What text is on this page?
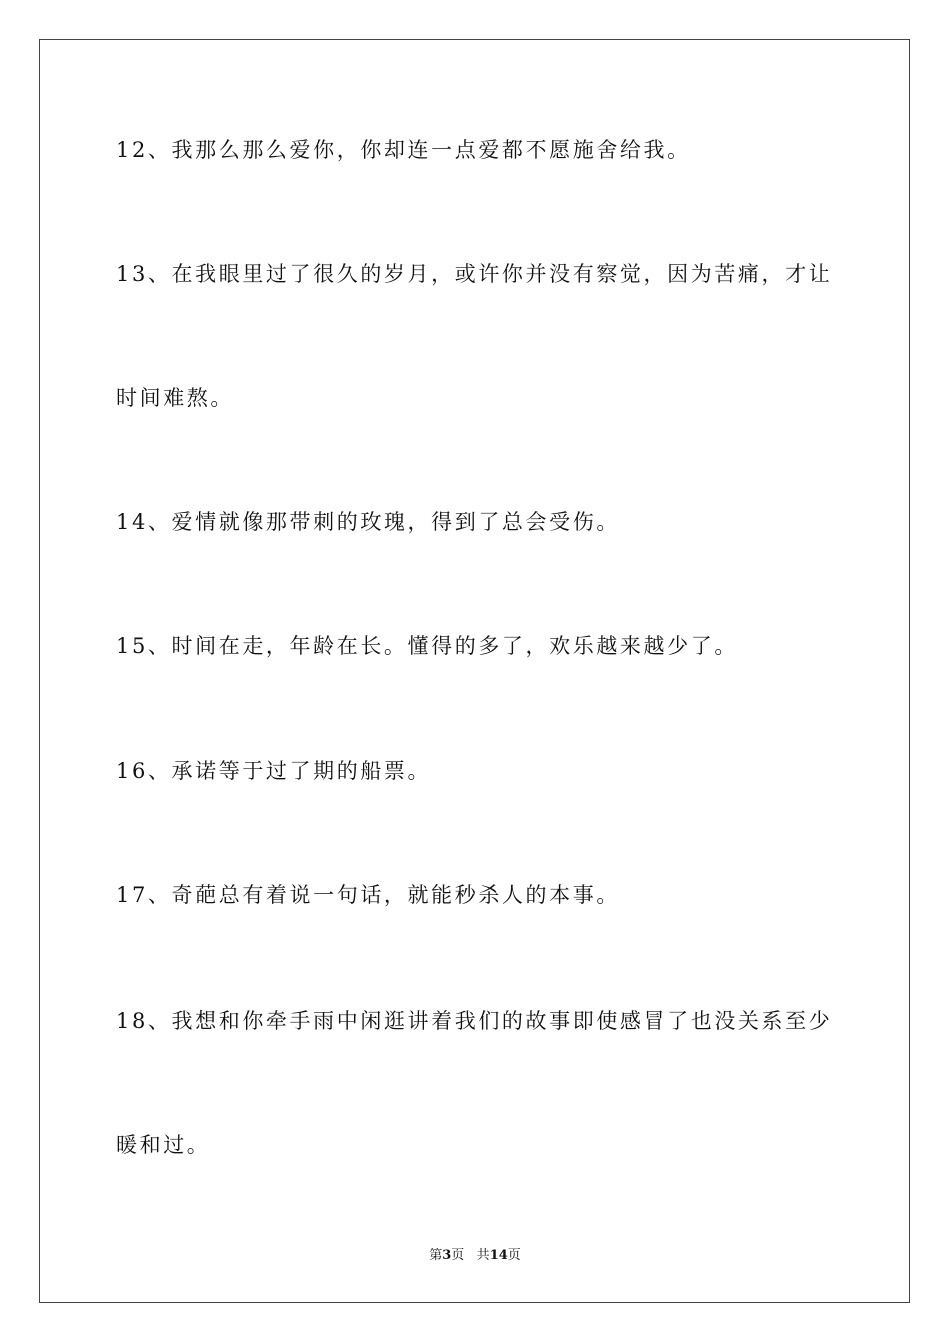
12、我那么那么爱你，你却连一点爱都不愿施舍给我。
13、在我眼里过了很久的岁月，或许你并没有察觉，因为苦痛，才让
时间难熬。
14、爱情就像那带刺的玫瑰，得到了总会受伤。
15、时间在走，年龄在长。懂得的多了，欢乐越来越少了。
16、承诺等于过了期的船票。
17、奇葩总有着说一句话，就能秒杀人的本事。
18、我想和你牵手雨中闲逛讲着我们的故事即使感冒了也没关系至少
暖和过。
第3页 共14页
